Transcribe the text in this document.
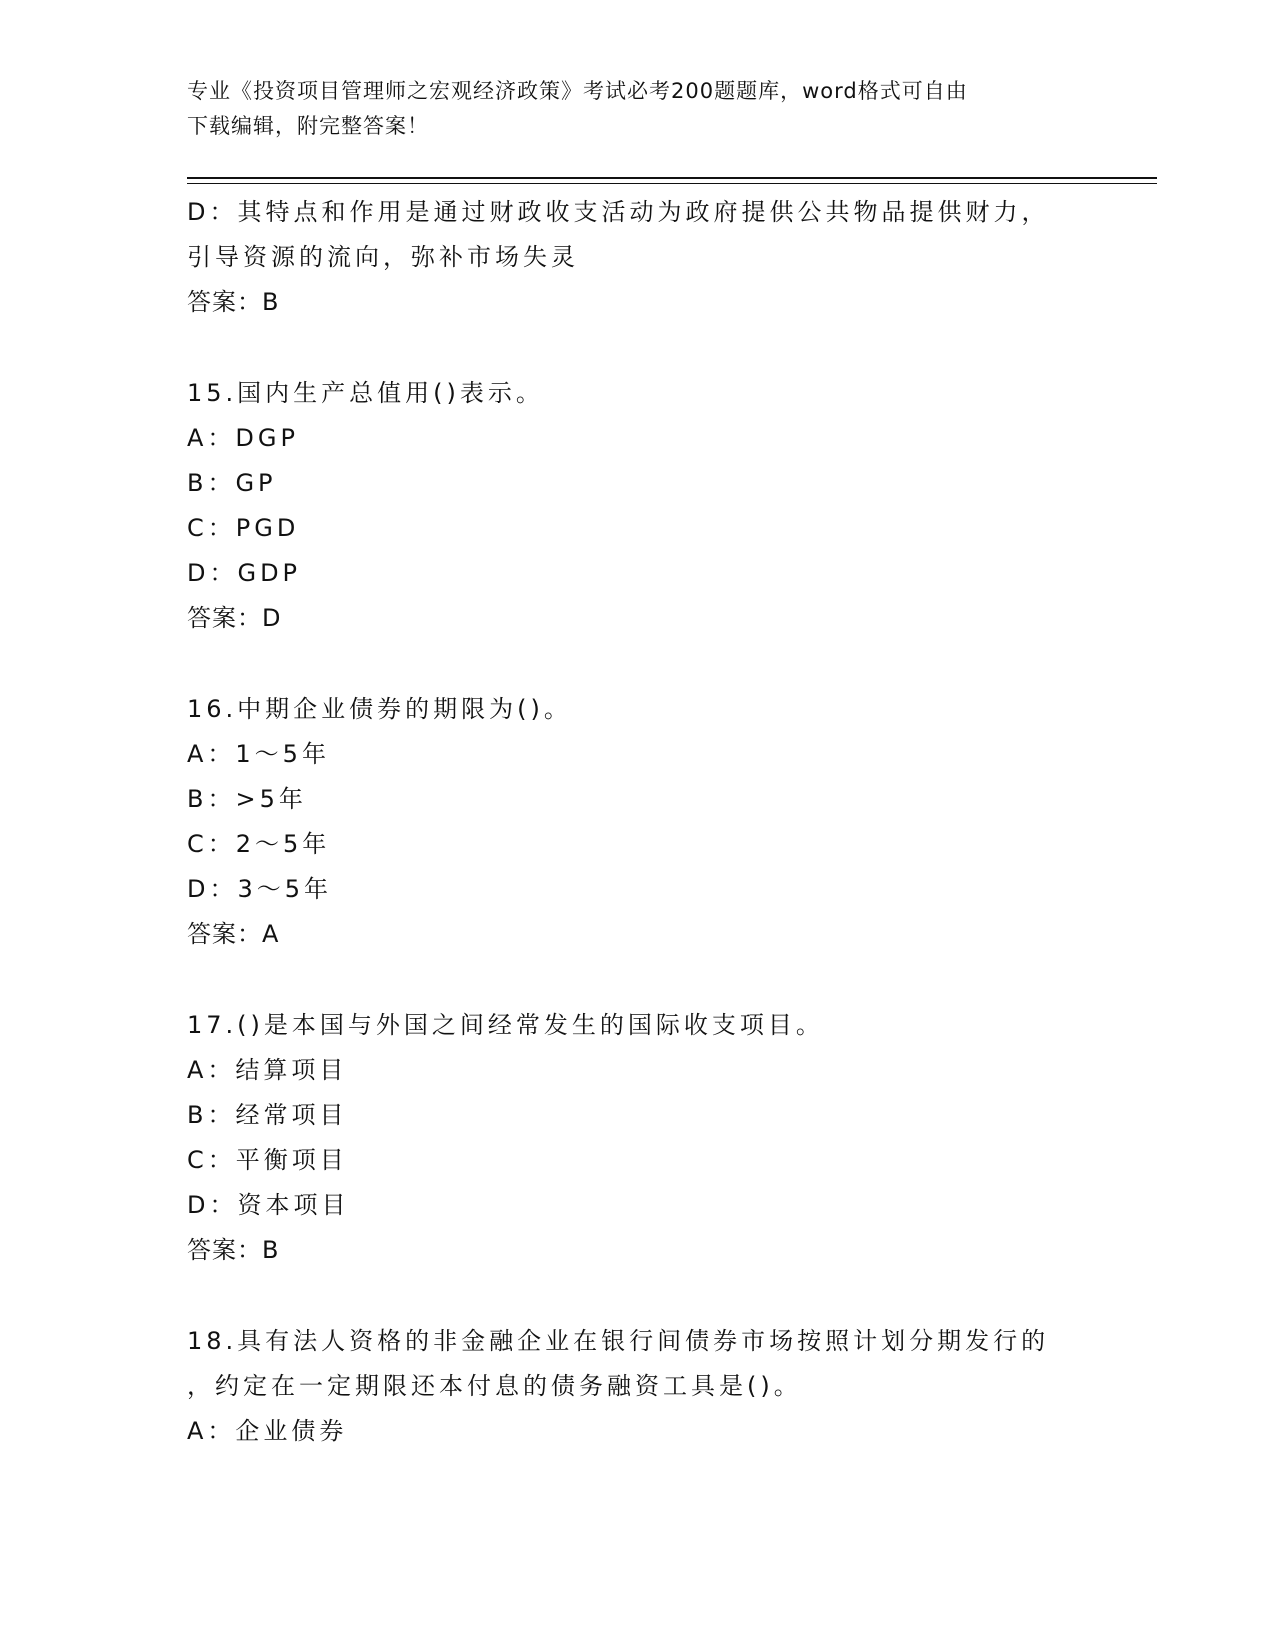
专业《投资项目管理师之宏观经济政策》考试必考200题题库，word格式可自由
下载编辑，附完整答案！
D：其特点和作用是通过财政收支活动为政府提供公共物品提供财力，
引导资源的流向，弥补市场失灵
答案：B
15.国内生产总值用()表示。
A：DGP
B：GP
C：PGD
D：GDP
答案：D
16.中期企业债券的期限为()。
A：1～5年
B：>5年
C：2～5年
D：3～5年
答案：A
17.()是本国与外国之间经常发生的国际收支项目。
A：结算项目
B：经常项目
C：平衡项目
D：资本项目
答案：B
18.具有法人资格的非金融企业在银行间债券市场按照计划分期发行的
，约定在一定期限还本付息的债务融资工具是()。
A：企业债券
